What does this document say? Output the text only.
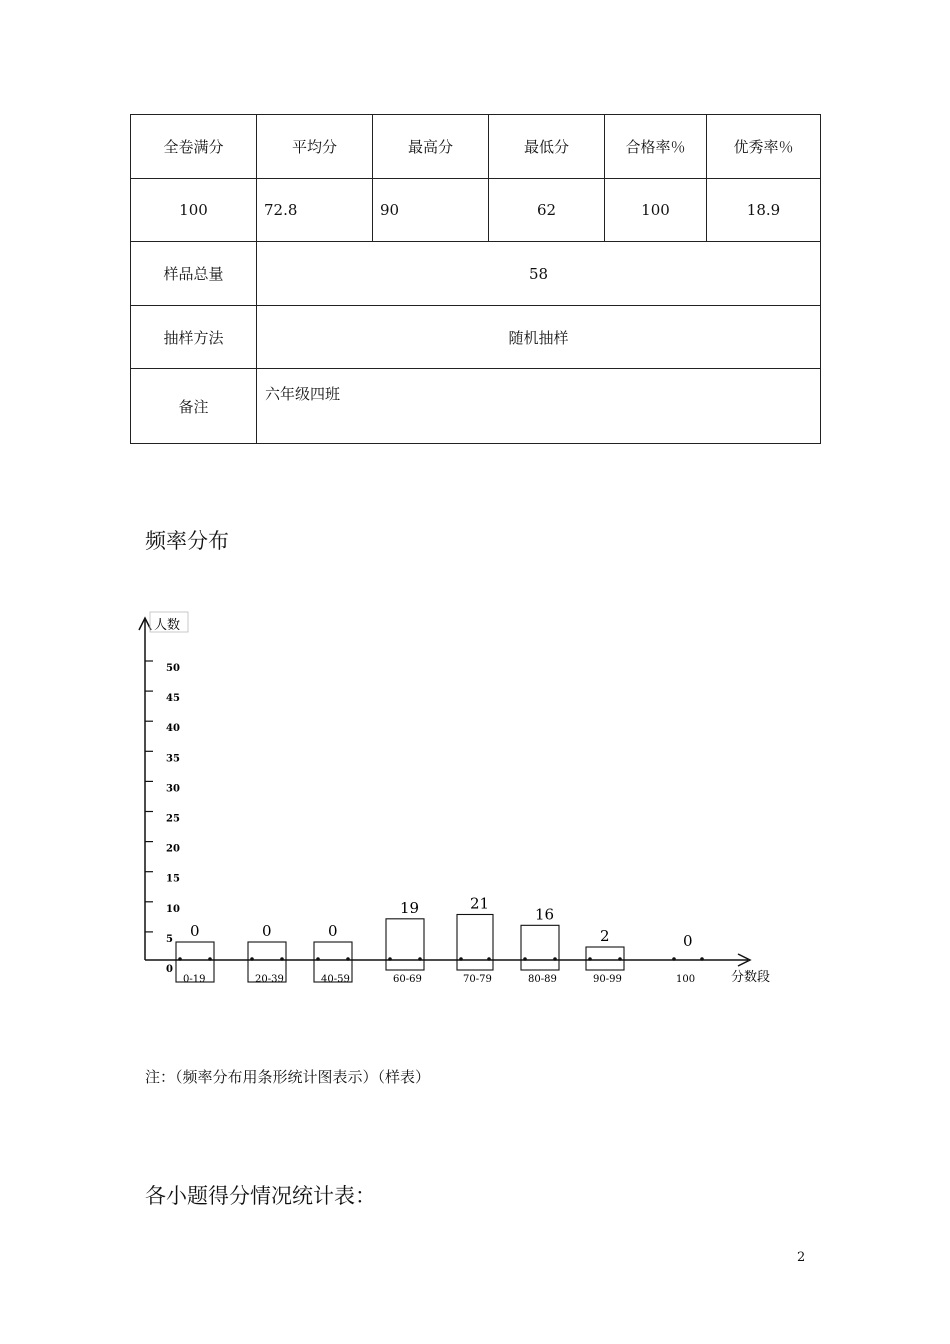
全卷满分	平均分	最高分	最低分	合格率％	优秀率％
100	72.8	90	62	100	18.9
样品总量	58				
抽样方法	随机抽样				
备注	六年级四班				
频率分布
人数
分数段
0
5
10
15
20
25
30
35
40
45
50
0
0-19
0
20-39
0
40-59
19
60-69
21
70-79
16
80-89
2
90-99
0
100
注：（频率分布用条形统计图表示）（样表）
各小题得分情况统计表：
2
